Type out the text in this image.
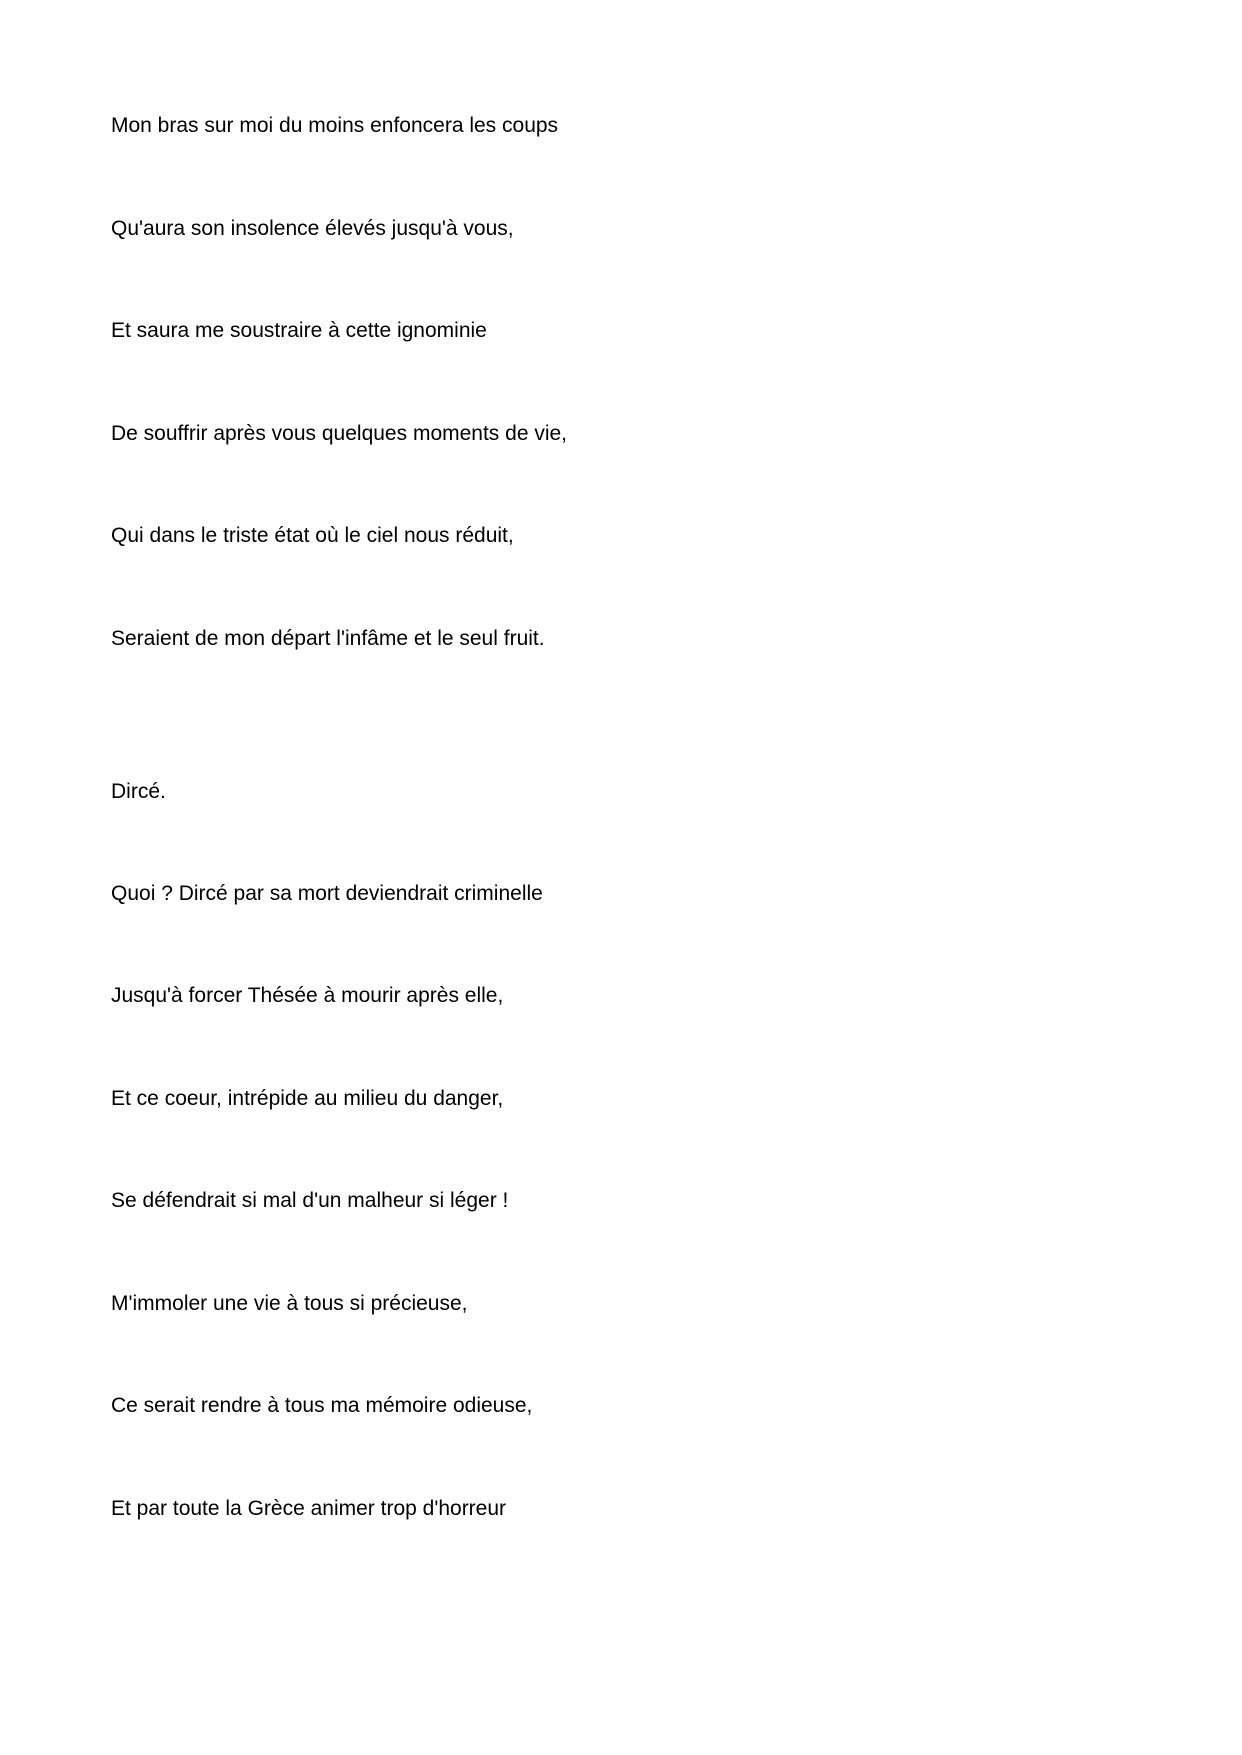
Mon bras sur moi du moins enfoncera les coups

Qu'aura son insolence élevés jusqu'à vous,

Et saura me soustraire à cette ignominie

De souffrir après vous quelques moments de vie,

Qui dans le triste état où le ciel nous réduit,

Seraient de mon départ l'infâme et le seul fruit.

Dircé.

Quoi ? Dircé par sa mort deviendrait criminelle

Jusqu'à forcer Thésée à mourir après elle,

Et ce coeur, intrépide au milieu du danger,

Se défendrait si mal d'un malheur si léger !

M'immoler une vie à tous si précieuse,

Ce serait rendre à tous ma mémoire odieuse,

Et par toute la Grèce animer trop d'horreur
